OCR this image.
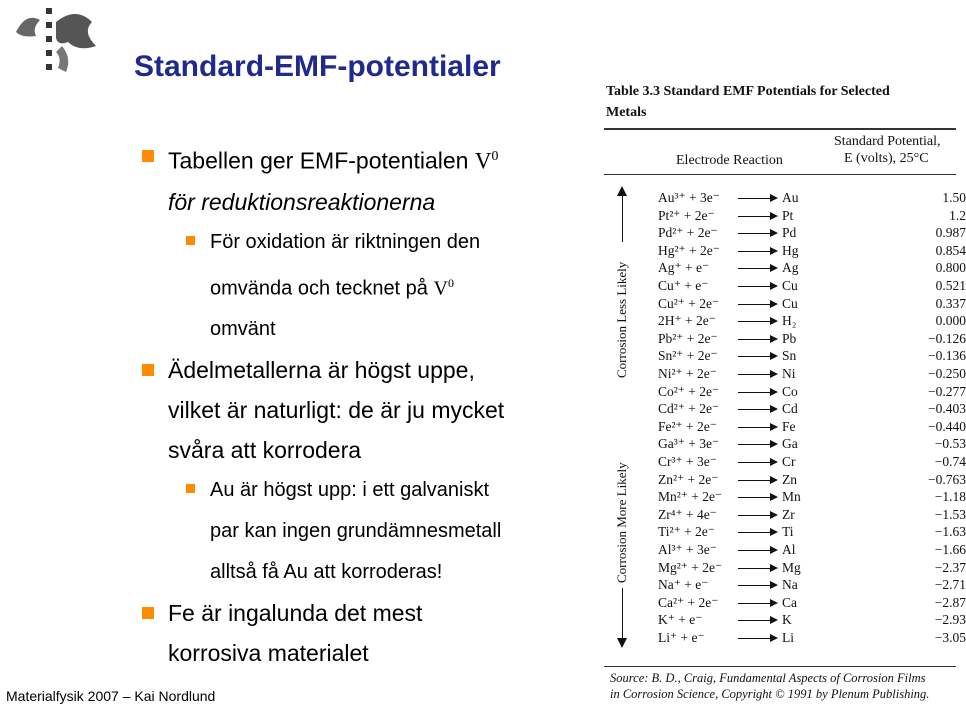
Standard-EMF-potentialer
Tabellen ger EMF-potentialen $V^0$
för reduktionsreaktionerna
För oxidation är riktningen den
omvända och tecknet på $V^0$
omvänt
Ädelmetallerna är högst uppe,
vilket är naturligt: de är ju mycket
svåra att korrodera
Au är högst upp: i ett galvaniskt
par kan ingen grundämnesmetall
alltså få Au att korroderas!
Fe är ingalunda det mest
korrosiva materialet
Materialfysik 2007 – Kai Nordlund
Table 3.3 Standard EMF Potentials for Selected
Metals
Standard Potential,
E (volts), 25°C
Electrode Reaction
Corrosion Less Likely
Corrosion More Likely
Au³⁺ + 3e⁻ → Au	1.50
Pt²⁺ + 2e⁻ → Pt	1.2
Pd²⁺ + 2e⁻ → Pd	0.987
Hg²⁺ + 2e⁻ → Hg	0.854
Ag⁺ + e⁻ → Ag	0.800
Cu⁺ + e⁻ → Cu	0.521
Cu²⁺ + 2e⁻ → Cu	0.337
2H⁺ + 2e⁻ → H₂	0.000
Pb²⁺ + 2e⁻ → Pb	−0.126
Sn²⁺ + 2e⁻ → Sn	−0.136
Ni²⁺ + 2e⁻ → Ni	−0.250
Co²⁺ + 2e⁻ → Co	−0.277
Cd²⁺ + 2e⁻ → Cd	−0.403
Fe²⁺ + 2e⁻ → Fe	−0.440
Ga³⁺ + 3e⁻ → Ga	−0.53
Cr³⁺ + 3e⁻ → Cr	−0.74
Zn²⁺ + 2e⁻ → Zn	−0.763
Mn²⁺ + 2e⁻ → Mn	−1.18
Zr⁴⁺ + 4e⁻ → Zr	−1.53
Ti²⁺ + 2e⁻ → Ti	−1.63
Al³⁺ + 3e⁻ → Al	−1.66
Mg²⁺ + 2e⁻ → Mg	−2.37
Na⁺ + e⁻ → Na	−2.71
Ca²⁺ + 2e⁻ → Ca	−2.87
K⁺ + e⁻	→ K	−2.93
Li⁺ + e⁻ → Li	−3.05
Source: B. D., Craig, Fundamental Aspects of Corrosion Films
in Corrosion Science, Copyright © 1991 by Plenum Publishing.
